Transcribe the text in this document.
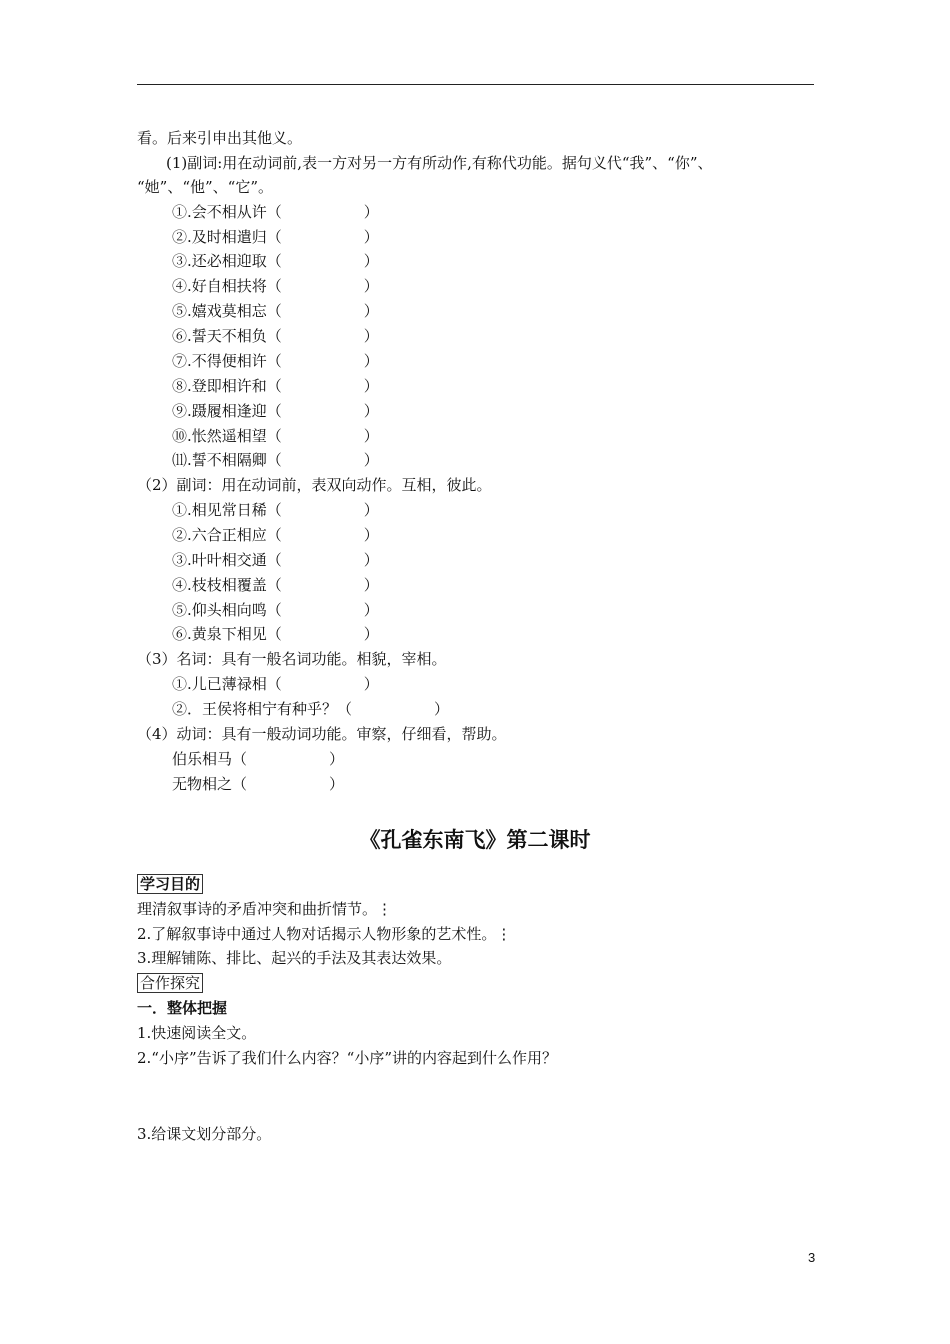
看。后来引申出其他义。
(1)副词:用在动词前,表一方对另一方有所动作,有称代功能。据句义代“我”、“你”、
“她”、“他”、“它”。
①.会不相从许（	）
②.及时相遣归（	）
③.还必相迎取（	）
④.好自相扶将（	）
⑤.嬉戏莫相忘（	）
⑥.誓天不相负（	）
⑦.不得便相许（	）
⑧.登即相许和（	）
⑨.蹑履相逢迎（	）
⑩.怅然遥相望（	）
⑾.誓不相隔卿（	）
（2）副词：用在动词前，表双向动作。互相，彼此。
①.相见常日稀（	）
②.六合正相应（	）
③.叶叶相交通（	）
④.枝枝相覆盖（	）
⑤.仰头相向鸣（	）
⑥.黄泉下相见（	）
（3）名词：具有一般名词功能。相貌，宰相。
①.儿已薄禄相（	）
②．王侯将相宁有种乎？（	）
（4）动词：具有一般动词功能。审察，仔细看，帮助。
伯乐相马（	）
无物相之（	）
《孔雀东南飞》第二课时
学习目的
理清叙事诗的矛盾冲突和曲折情节。⋮
2.了解叙事诗中通过人物对话揭示人物形象的艺术性。⋮
3.理解铺陈、排比、起兴的手法及其表达效果。
合作探究
一．整体把握
1.快速阅读全文。
2.“小序”告诉了我们什么内容？“小序”讲的内容起到什么作用？
3.给课文划分部分。
3
